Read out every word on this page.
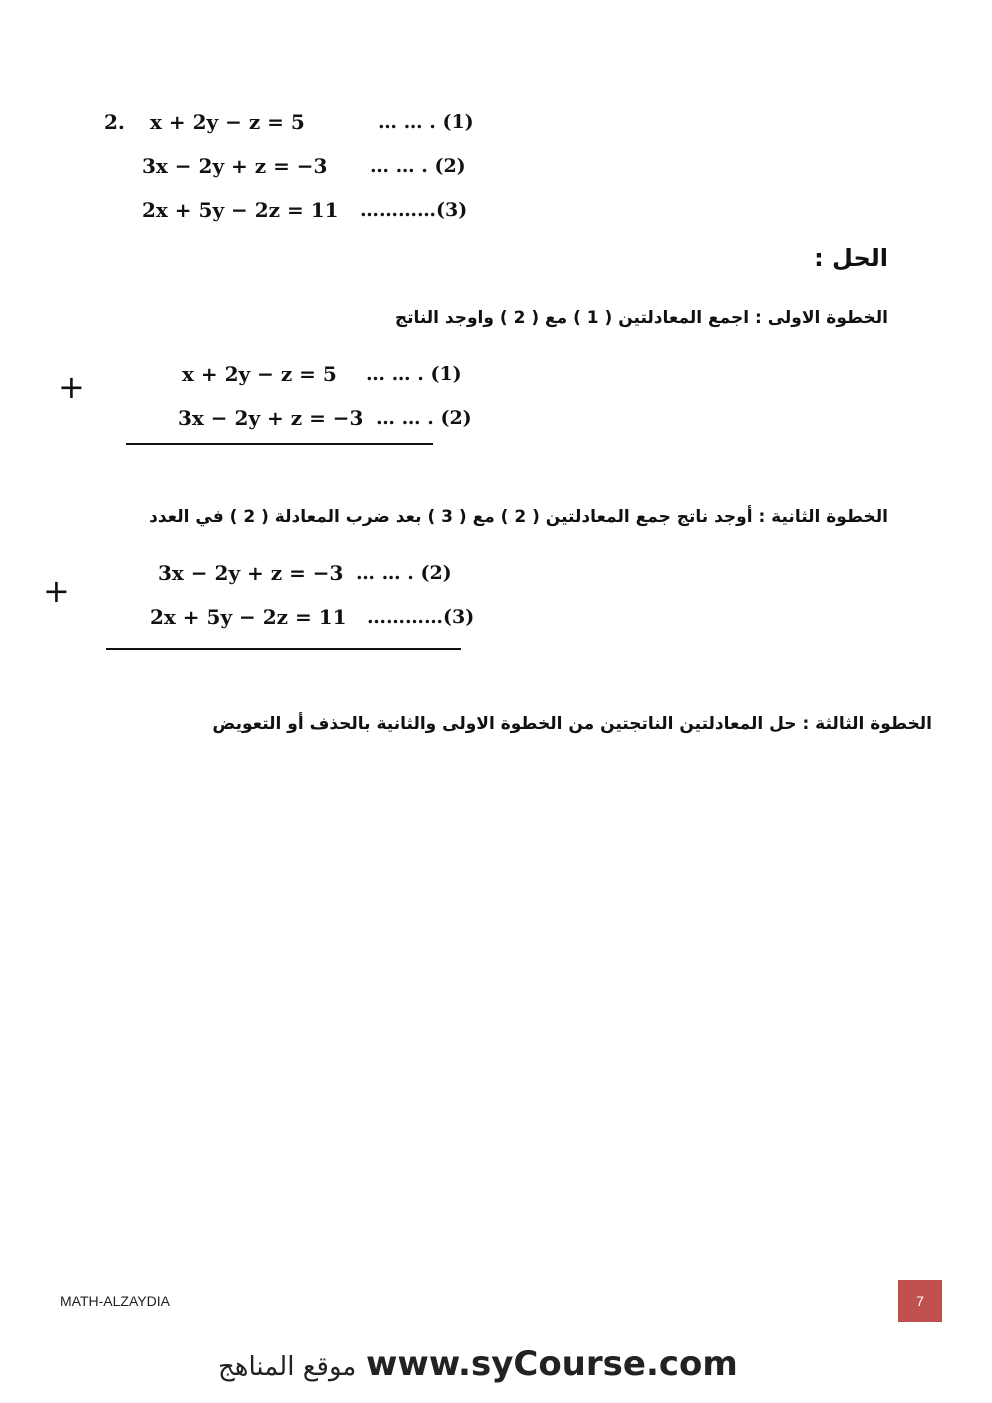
2. x + 2y − z = 5	… … . (1)
3x − 2y + z = −3 … … . (2)
2x + 5y − 2z = 11 …………(3)
الحل :
الخطوة الاولى : اجمع المعادلتين ( 1 ) مع ( 2 ) واوجد الناتج
+	x + 2y − z = 5 … … . (1)
3x − 2y + z = −3 … … . (2)
الخطوة الثانية : أوجد ناتج جمع المعادلتين ( 2 ) مع ( 3 ) بعد ضرب المعادلة ( 2 ) في العدد
+	3x − 2y + z = −3 … … . (2)
2x + 5y − 2z = 11 …………(3)
الخطوة الثالثة : حل المعادلتين الناتجتين من الخطوة الاولى والثانية بالحذف أو التعويض
MATH-ALZAYDIA	7
www.syCourse.com
موقع المناهج
